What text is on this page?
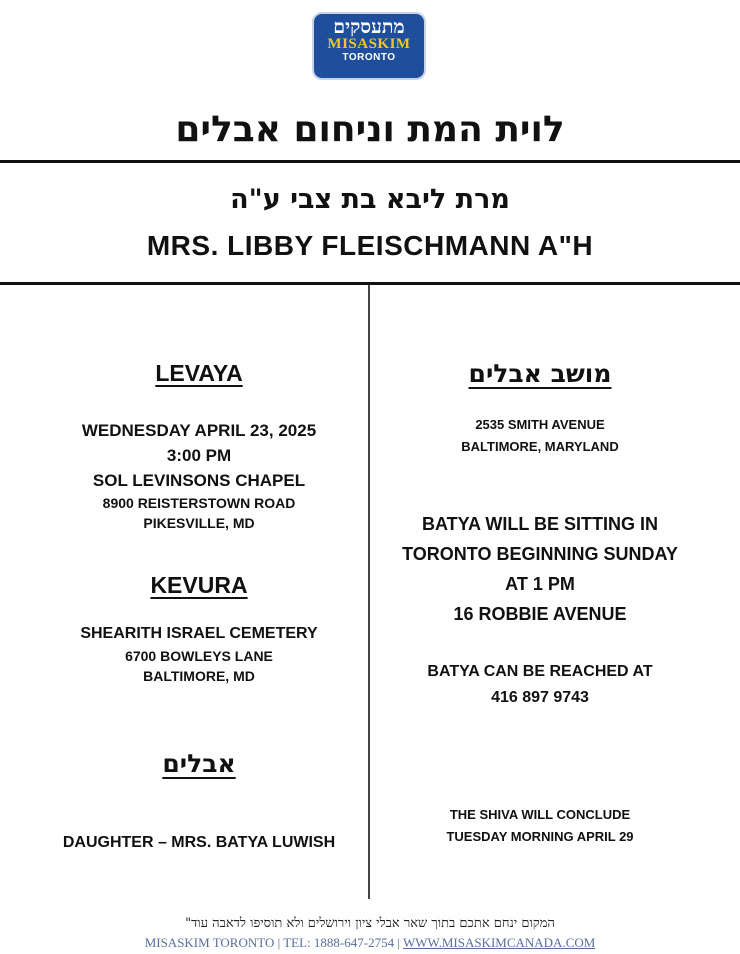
מתעסקים
MISASKIM
TORONTO
לוית המת וניחום אבלים
מרת ליבא בת צבי ע"ה
MRS. LIBBY FLEISCHMANN A"H
LEVAYA
WEDNESDAY APRIL 23, 2025
3:00 PM
SOL LEVINSONS CHAPEL
8900 REISTERSTOWN ROAD
PIKESVILLE, MD
KEVURA
SHEARITH ISRAEL CEMETERY
6700 BOWLEYS LANE
BALTIMORE, MD
אבלים
DAUGHTER – MRS. BATYA LUWISH
מושב אבלים
2535 SMITH AVENUE
BALTIMORE, MARYLAND
BATYA WILL BE SITTING IN
TORONTO BEGINNING SUNDAY
AT 1 PM
16 ROBBIE AVENUE
BATYA CAN BE REACHED AT
416 897 9743
THE SHIVA WILL CONCLUDE
TUESDAY MORNING APRIL 29
המקום ינחם אתכם בתוך שאר אבלי ציון וירושלים ולא תוסיפו לדאבה עוד"
MISASKIM TORONTO | TEL: 1888-647-2754 | WWW.MISASKIMCANADA.COM
